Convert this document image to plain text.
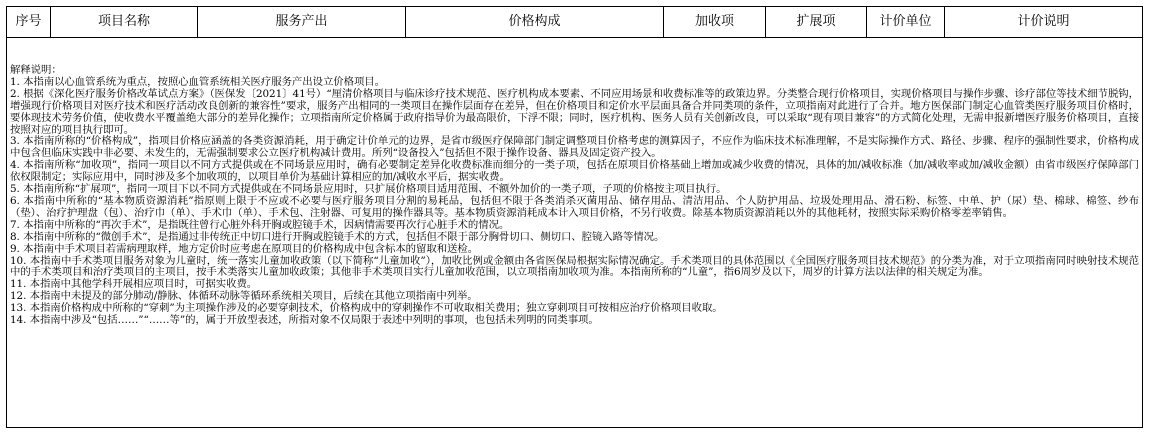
序号	项目名称	服务产出	价格构成	加收项	扩展项	计价单位	计价说明
解释说明：
1. 本指南以心血管系统为重点，按照心血管系统相关医疗服务产出设立价格项目。
2. 根据《深化医疗服务价格改革试点方案》（医保发〔2021〕41号）“厘清价格项目与临床诊疗技术规范、医疗机构成本要素、不同应用场景和收费标准等的政策边界。分类整合现行价格项目，实现价格项目与操作步骤、诊疗部位等技术细节脱钩，增强现行价格项目对医疗技术和医疗活动改良创新的兼容性”要求，服务产出相同的一类项目在操作层面存在差异，但在价格项目和定价水平层面具备合并同类项的条件，立项指南对此进行了合并。地方医保部门制定心血管类医疗服务项目价格时，要体现技术劳务价值，使收费水平覆盖绝大部分的差异化操作；立项指南所定价格属于政府指导价为最高限价，下浮不限；同时，医疗机构、医务人员有关创新改良，可以采取“现有项目兼容”的方式简化处理，无需申报新增医疗服务价格项目，直接按照对应的项目执行即可。
3. 本指南所称的“价格构成”，指项目价格应涵盖的各类资源消耗，用于确定计价单元的边界，是省市级医疗保障部门制定调整项目价格考虑的测算因子，不应作为临床技术标准理解，不是实际操作方式、路径、步骤、程序的强制性要求，价格构成中包含但临床实践中非必要、未发生的，无需强制要求公立医疗机构减计费用。所列“设备投入”包括但不限于操作设备、器具及固定资产投入。
4. 本指南所称“加收项”，指同一项目以不同方式提供或在不同场景应用时，确有必要制定差异化收费标准而细分的一类子项，包括在原项目价格基础上增加或减少收费的情况，具体的加/减收标准（加/减收率或加/减收金额）由省市级医疗保障部门依权限制定；实际应用中，同时涉及多个加收项的，以项目单价为基础计算相应的加/减收水平后，据实收费。
5. 本指南所称“扩展项”，指同一项目下以不同方式提供或在不同场景应用时，只扩展价格项目适用范围、不额外加价的一类子项，子项的价格按主项目执行。
6. 本指南中所称的“基本物质资源消耗”指原则上限于不应或不必要与医疗服务项目分割的易耗品，包括但不限于各类消杀灭菌用品、储存用品、清洁用品、个人防护用品、垃圾处理用品、滑石粉、标签、中单、护（尿）垫、棉球、棉签、纱布（垫）、治疗护理盘（包）、治疗巾（单）、手术巾（单）、手术包、注射器、可复用的操作器具等。基本物质资源消耗成本计入项目价格，不另行收费。除基本物质资源消耗以外的其他耗材，按照实际采购价格零差率销售。
7. 本指南中所称的“再次手术”，是指既往曾行心脏外科开胸或腔镜手术，因病情需要再次行心脏手术的情况。
8. 本指南中所称的“微创手术”，是指通过非传统正中切口进行开胸或腔镜手术的方式，包括但不限于部分胸骨切口、侧切口、腔镜入路等情况。
9. 本指南中手术项目若需病理取样，地方定价时应考虑在原项目的价格构成中包含标本的留取和送检。
10. 本指南中手术类项目服务对象为儿童时，统一落实儿童加收政策（以下简称“儿童加收”），加收比例或金额由各省医保局根据实际情况确定。手术类项目的具体范围以《全国医疗服务项目技术规范》的分类为准，对于立项指南同时映射技术规范中的手术类项目和治疗类项目的主项目，按手术类落实儿童加收政策；其他非手术类项目实行儿童加收范围，以立项指南加收项为准。本指南所称的“儿童”，指6周岁及以下，周岁的计算方法以法律的相关规定为准。
11. 本指南中其他学科开展相应项目时，可据实收费。
12. 本指南中未提及的部分肺动/静脉、体循环动脉等循环系统相关项目，后续在其他立项指南中列举。
13. 本指南价格构成中所称的“穿刺”为主项操作涉及的必要穿刺技术，价格构成中的穿刺操作不可收取相关费用；独立穿刺项目可按相应治疗价格项目收取。
14. 本指南中涉及“包括……”“……等”的，属于开放型表述，所指对象不仅局限于表述中列明的事项，也包括未列明的同类事项。
